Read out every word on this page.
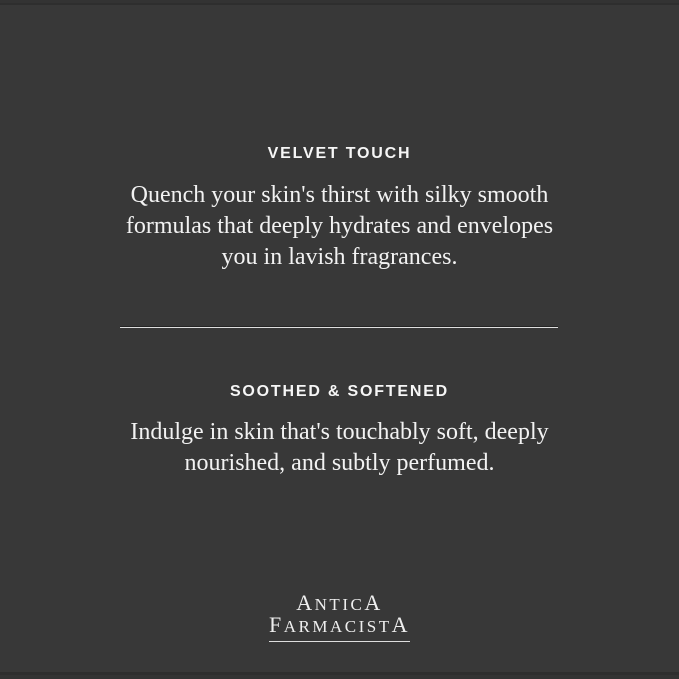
VELVET TOUCH
Quench your skin's thirst with silky smooth
formulas that deeply hydrates and envelopes
you in lavish fragrances.
SOOTHED & SOFTENED
Indulge in skin that's touchably soft, deeply
nourished, and subtly perfumed.
ANTICA
FARMACISTA
